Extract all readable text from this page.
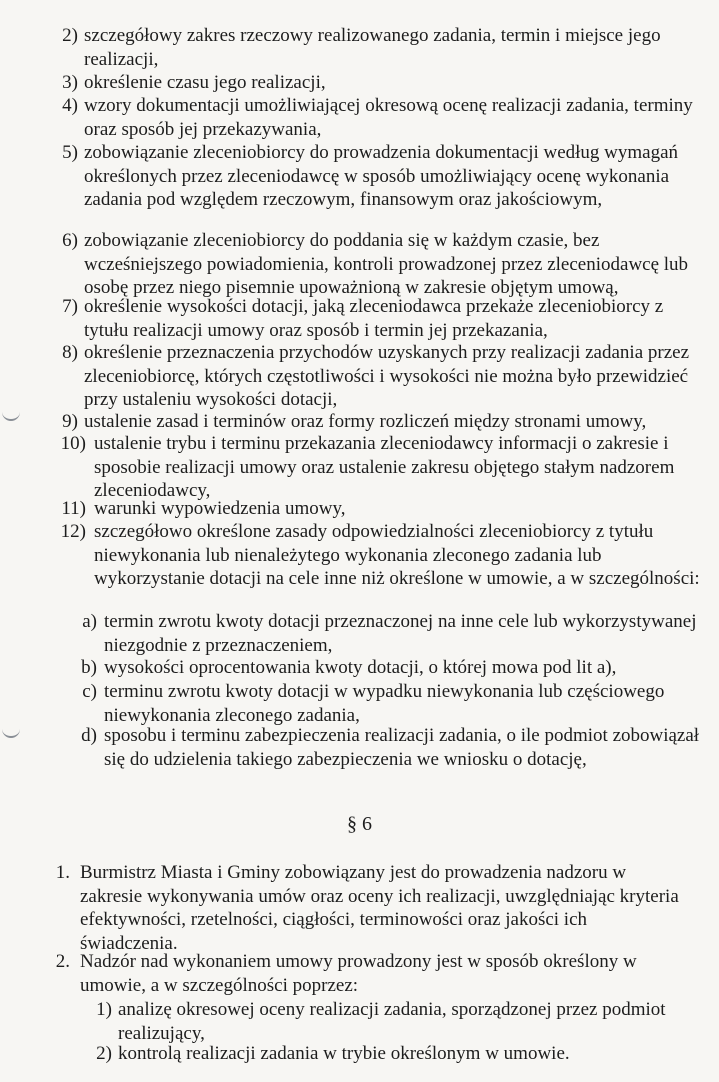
2) szczegółowy zakres rzeczowy realizowanego zadania, termin i miejsce jego realizacji,
3) określenie czasu jego realizacji,
4) wzory dokumentacji umożliwiającej okresową ocenę realizacji zadania, terminy oraz sposób jej przekazywania,
5) zobowiązanie zleceniobiorcy do prowadzenia dokumentacji według wymagań określonych przez zleceniodawcę w sposób umożliwiający ocenę wykonania zadania pod względem rzeczowym, finansowym oraz jakościowym,
6) zobowiązanie zleceniobiorcy do poddania się w każdym czasie, bez wcześniejszego powiadomienia, kontroli prowadzonej przez zleceniodawcę lub osobę przez niego pisemnie upoważnioną w zakresie objętym umową,
7) określenie wysokości dotacji, jaką zleceniodawca przekaże zleceniobiorcy z tytułu realizacji umowy oraz sposób i termin jej przekazania,
8) określenie przeznaczenia przychodów uzyskanych przy realizacji zadania przez zleceniobiorcę, których częstotliwości i wysokości nie można było przewidzieć przy ustaleniu wysokości dotacji,
9) ustalenie zasad i terminów oraz formy rozliczeń między stronami umowy,
10) ustalenie trybu i terminu przekazania zleceniodawcy informacji o zakresie i sposobie realizacji umowy oraz ustalenie zakresu objętego stałym nadzorem zleceniodawcy,
11) warunki wypowiedzenia umowy,
12) szczegółowo określone zasady odpowiedzialności zleceniobiorcy z tytułu niewykonania lub nienależytego wykonania zleconego zadania lub wykorzystanie dotacji na cele inne niż określone w umowie, a w szczególności:
a) termin zwrotu kwoty dotacji przeznaczonej na inne cele lub wykorzystywanej niezgodnie z przeznaczeniem,
b) wysokości oprocentowania kwoty dotacji, o której mowa pod lit a),
c) terminu zwrotu kwoty dotacji w wypadku niewykonania lub częściowego niewykonania zleconego zadania,
d) sposobu i terminu zabezpieczenia realizacji zadania, o ile podmiot zobowiązał się do udzielenia takiego zabezpieczenia we wniosku o dotację,
§ 6
1. Burmistrz Miasta i Gminy zobowiązany jest do prowadzenia nadzoru w zakresie wykonywania umów oraz oceny ich realizacji, uwzględniając kryteria efektywności, rzetelności, ciągłości, terminowości oraz jakości ich świadczenia.
2. Nadzór nad wykonaniem umowy prowadzony jest w sposób określony w umowie, a w szczególności poprzez:
1) analizę okresowej oceny realizacji zadania, sporządzonej przez podmiot realizujący,
2) kontrolą realizacji zadania w trybie określonym w umowie.
